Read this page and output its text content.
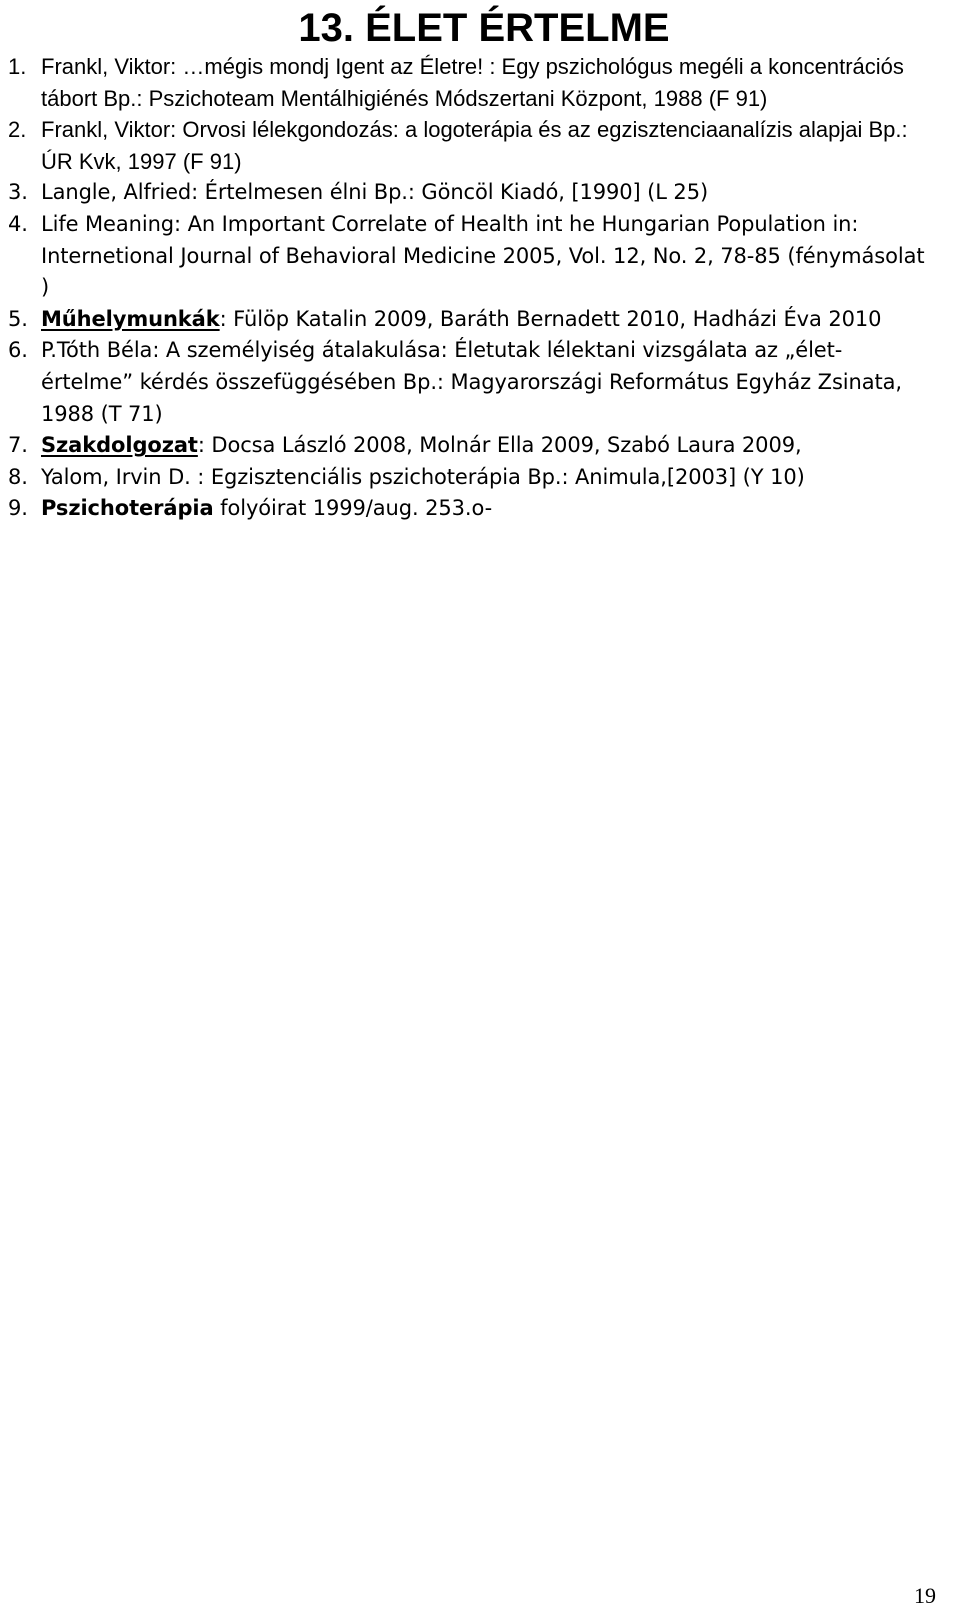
13. ÉLET ÉRTELME
1. Frankl, Viktor: …mégis mondj Igent az Életre! : Egy pszichológus megéli a koncentrációs tábort Bp.: Pszichoteam Mentálhigiénés Módszertani Központ, 1988 (F 91)
2. Frankl, Viktor: Orvosi lélekgondozás: a logoterápia és az egzisztenciaanalízis alapjai Bp.: ÚR Kvk, 1997 (F 91)
3. Langle, Alfried: Értelmesen élni Bp.: Göncöl Kiadó, [1990] (L 25)
4. Life Meaning: An Important Correlate of Health int he Hungarian Population in: Internetional Journal of Behavioral Medicine 2005, Vol. 12, No. 2, 78-85 (fénymásolat )
5. Műhelymunkák: Fülöp Katalin 2009, Baráth Bernadett 2010, Hadházi Éva 2010
6. P.Tóth Béla: A személyiség átalakulása: Életutak lélektani vizsgálata az „élet-értelme” kérdés összefüggésében Bp.: Magyarországi Református Egyház Zsinata, 1988 (T 71)
7. Szakdolgozat: Docsa László 2008, Molnár Ella 2009, Szabó Laura 2009,
8. Yalom, Irvin D. : Egzisztenciális pszichoterápia Bp.: Animula,[2003] (Y 10)
9. Pszichoterápia folyóirat 1999/aug. 253.o-
19
